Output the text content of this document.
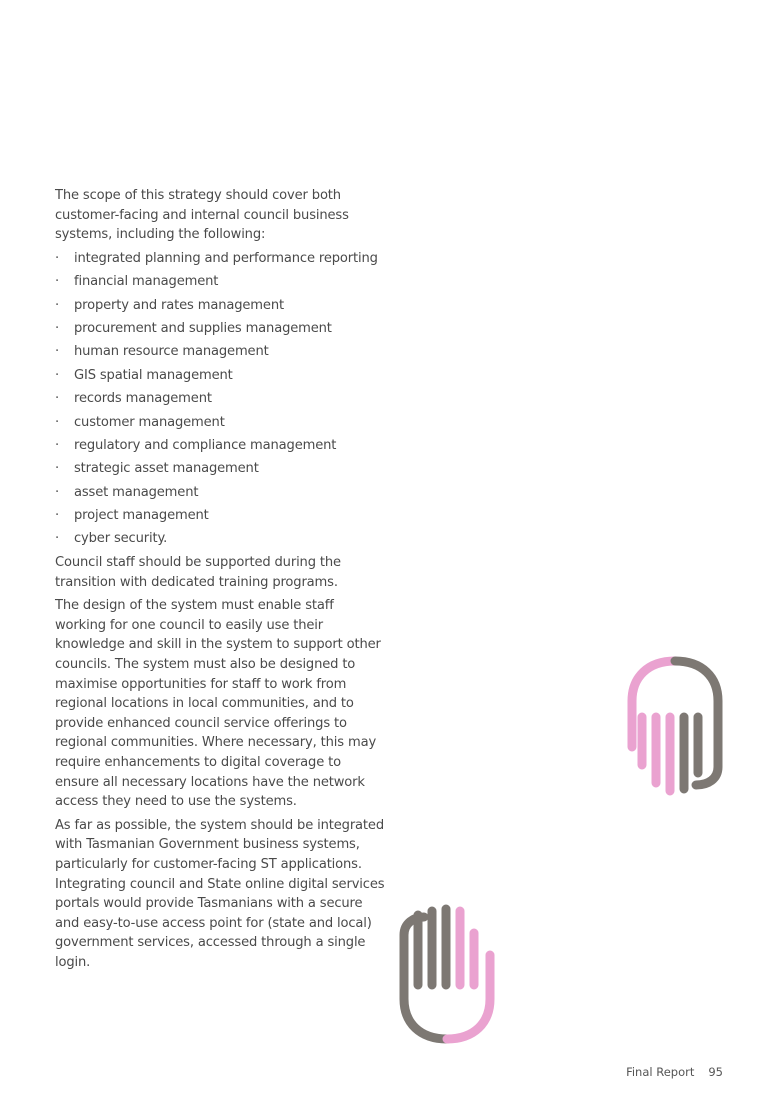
The scope of this strategy should cover both customer-facing and internal council business systems, including the following:

·	integrated planning and performance reporting
·	financial management
·	property and rates management
·	procurement and supplies management
·	human resource management
·	GIS spatial management
·	records management
·	customer management
·	regulatory and compliance management
·	strategic asset management
·	asset management
·	project management
·	cyber security.

Council staff should be supported during the transition with dedicated training programs.

The design of the system must enable staff working for one council to easily use their knowledge and skill in the system to support other councils. The system must also be designed to maximise opportunities for staff to work from regional locations in local communities, and to provide enhanced council service offerings to regional communities. Where necessary, this may require enhancements to digital coverage to ensure all necessary locations have the network access they need to use the systems.

As far as possible, the system should be integrated with Tasmanian Government business systems, particularly for customer-facing ST applications. Integrating council and State online digital services portals would provide Tasmanians with a secure and easy-to-use access point for (state and local) government services, accessed through a single login.

Final Report 95
